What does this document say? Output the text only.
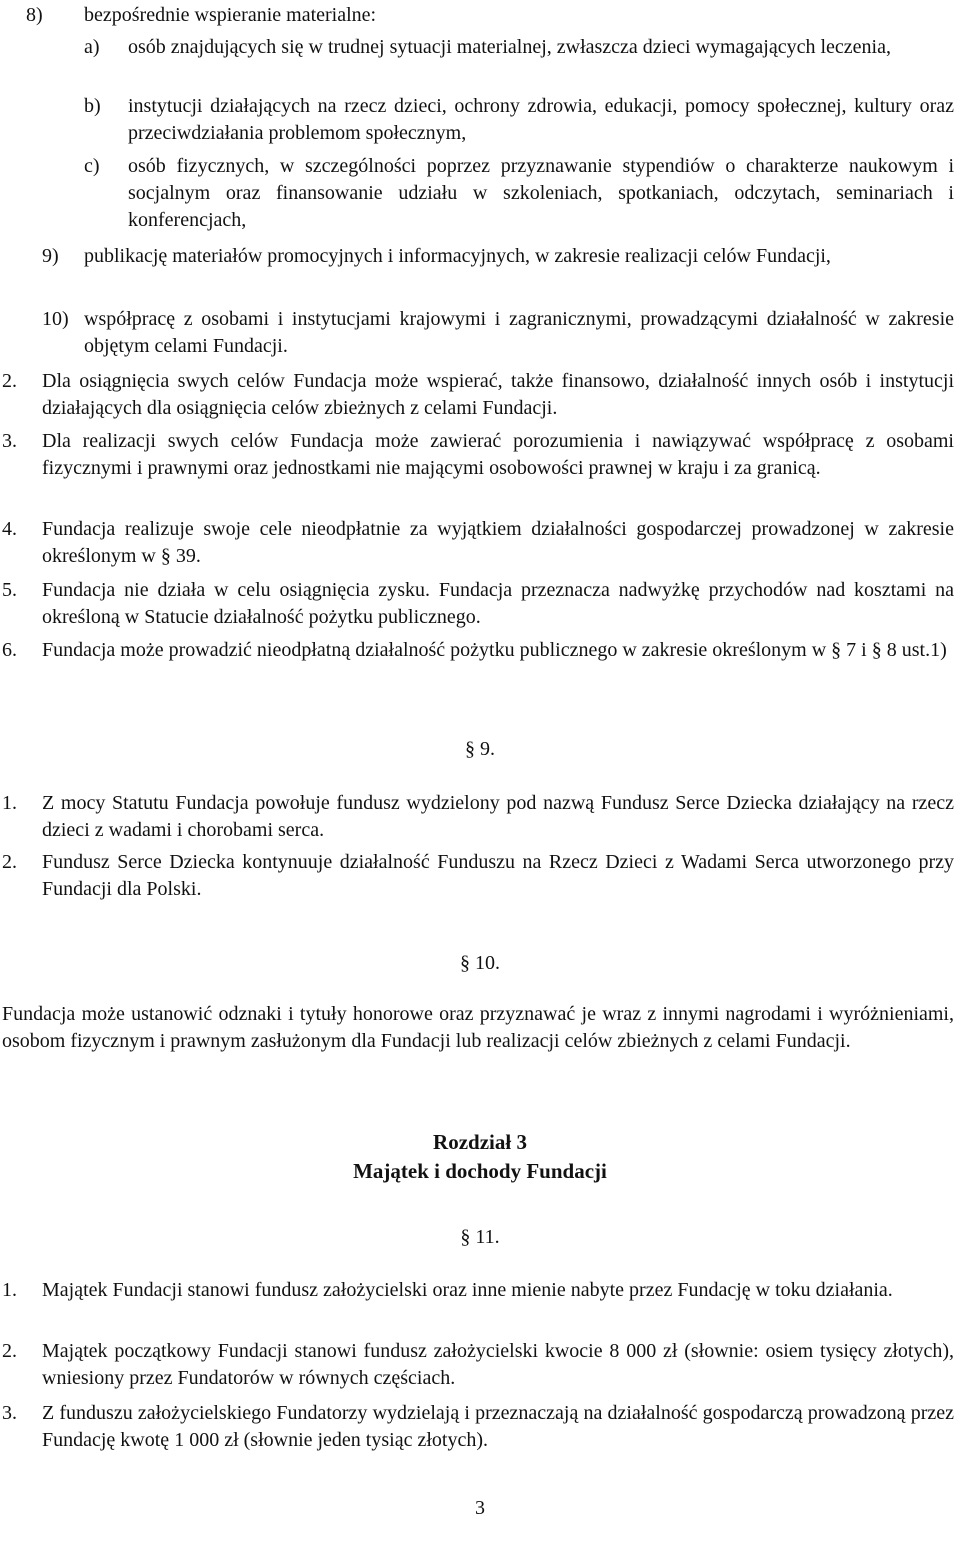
8) bezpośrednie wspieranie materialne:
a) osób znajdujących się w trudnej sytuacji materialnej, zwłaszcza dzieci wymagających leczenia,
b) instytucji działających na rzecz dzieci, ochrony zdrowia, edukacji, pomocy społecznej, kultury oraz przeciwdziałania problemom społecznym,
c) osób fizycznych, w szczególności poprzez przyznawanie stypendiów o charakterze naukowym i socjalnym oraz finansowanie udziału w szkoleniach, spotkaniach, odczytach, seminariach i konferencjach,
9) publikację materiałów promocyjnych i informacyjnych, w zakresie realizacji celów Fundacji,
10) współpracę z osobami i instytucjami krajowymi i zagranicznymi, prowadzącymi działalność w zakresie objętym celami Fundacji.
2. Dla osiągnięcia swych celów Fundacja może wspierać, także finansowo, działalność innych osób i instytucji działających dla osiągnięcia celów zbieżnych z celami Fundacji.
3. Dla realizacji swych celów Fundacja może zawierać porozumienia i nawiązywać współpracę z osobami fizycznymi i prawnymi oraz jednostkami nie mającymi osobowości prawnej w kraju i za granicą.
4. Fundacja realizuje swoje cele nieodpłatnie za wyjątkiem działalności gospodarczej prowadzonej w zakresie określonym w § 39.
5. Fundacja nie działa w celu osiągnięcia zysku. Fundacja przeznacza nadwyżkę przychodów nad kosztami na określoną w Statucie działalność pożytku publicznego.
6. Fundacja może prowadzić nieodpłatną działalność pożytku publicznego w zakresie określonym w § 7 i § 8 ust.1)
§ 9.
1. Z mocy Statutu Fundacja powołuje fundusz wydzielony pod nazwą Fundusz Serce Dziecka działający na rzecz dzieci z wadami i chorobami serca.
2. Fundusz Serce Dziecka kontynuuje działalność Funduszu na Rzecz Dzieci z Wadami Serca utworzonego przy Fundacji dla Polski.
§ 10.
Fundacja może ustanowić odznaki i tytuły honorowe oraz przyznawać je wraz z innymi nagrodami i wyróżnieniami, osobom fizycznym i prawnym zasłużonym dla Fundacji lub realizacji celów zbieżnych z celami Fundacji.
Rozdział 3
Majątek i dochody Fundacji
§ 11.
1. Majątek Fundacji stanowi fundusz założycielski oraz inne mienie nabyte przez Fundację w toku działania.
2. Majątek początkowy Fundacji stanowi fundusz założycielski kwocie 8 000 zł (słownie: osiem tysięcy złotych), wniesiony przez Fundatorów w równych częściach.
3. Z funduszu założycielskiego Fundatorzy wydzielają i przeznaczają na działalność gospodarczą prowadzoną przez Fundację kwotę 1 000 zł (słownie jeden tysiąc złotych).
3
